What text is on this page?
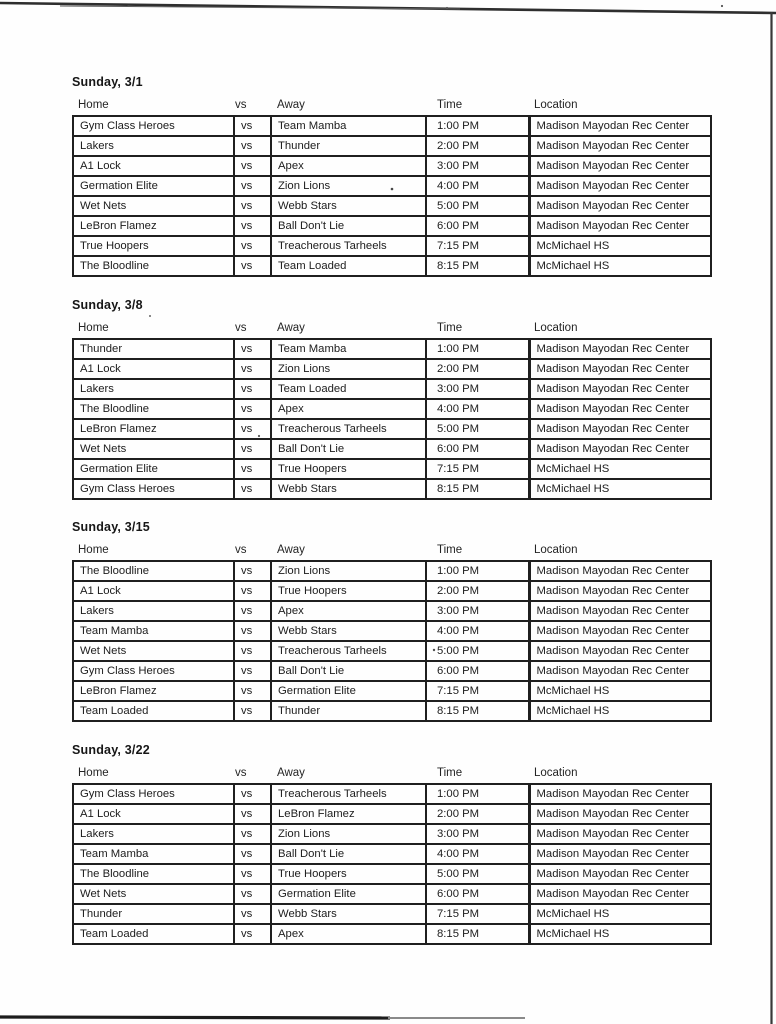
Sunday, 3/1
Home	vs	Away	Time	Location
Gym Class Heroes	vs	Team Mamba	1:00 PM	Madison Mayodan Rec Center
Lakers	vs	Thunder	2:00 PM	Madison Mayodan Rec Center
A1 Lock	vs	Apex	3:00 PM	Madison Mayodan Rec Center
Germation Elite	vs	Zion Lions	4:00 PM	Madison Mayodan Rec Center
Wet Nets	vs	Webb Stars	5:00 PM	Madison Mayodan Rec Center
LeBron Flamez	vs	Ball Don't Lie	6:00 PM	Madison Mayodan Rec Center
True Hoopers	vs	Treacherous Tarheels	7:15 PM	McMichael HS
The Bloodline	vs	Team Loaded	8:15 PM	McMichael HS
Sunday, 3/8
Home	vs	Away	Time	Location
Thunder	vs	Team Mamba	1:00 PM	Madison Mayodan Rec Center
A1 Lock	vs	Zion Lions	2:00 PM	Madison Mayodan Rec Center
Lakers	vs	Team Loaded	3:00 PM	Madison Mayodan Rec Center
The Bloodline	vs	Apex	4:00 PM	Madison Mayodan Rec Center
LeBron Flamez	vs	Treacherous Tarheels	5:00 PM	Madison Mayodan Rec Center
Wet Nets	vs	Ball Don't Lie	6:00 PM	Madison Mayodan Rec Center
Germation Elite	vs	True Hoopers	7:15 PM	McMichael HS
Gym Class Heroes	vs	Webb Stars	8:15 PM	McMichael HS
Sunday, 3/15
Home	vs	Away	Time	Location
The Bloodline	vs	Zion Lions	1:00 PM	Madison Mayodan Rec Center
A1 Lock	vs	True Hoopers	2:00 PM	Madison Mayodan Rec Center
Lakers	vs	Apex	3:00 PM	Madison Mayodan Rec Center
Team Mamba	vs	Webb Stars	4:00 PM	Madison Mayodan Rec Center
Wet Nets	vs	Treacherous Tarheels	5:00 PM	Madison Mayodan Rec Center
Gym Class Heroes	vs	Ball Don't Lie	6:00 PM	Madison Mayodan Rec Center
LeBron Flamez	vs	Germation Elite	7:15 PM	McMichael HS
Team Loaded	vs	Thunder	8:15 PM	McMichael HS
Sunday, 3/22
Home	vs	Away	Time	Location
Gym Class Heroes	vs	Treacherous Tarheels	1:00 PM	Madison Mayodan Rec Center
A1 Lock	vs	LeBron Flamez	2:00 PM	Madison Mayodan Rec Center
Lakers	vs	Zion Lions	3:00 PM	Madison Mayodan Rec Center
Team Mamba	vs	Ball Don't Lie	4:00 PM	Madison Mayodan Rec Center
The Bloodline	vs	True Hoopers	5:00 PM	Madison Mayodan Rec Center
Wet Nets	vs	Germation Elite	6:00 PM	Madison Mayodan Rec Center
Thunder	vs	Webb Stars	7:15 PM	McMichael HS
Team Loaded	vs	Apex	8:15 PM	McMichael HS
